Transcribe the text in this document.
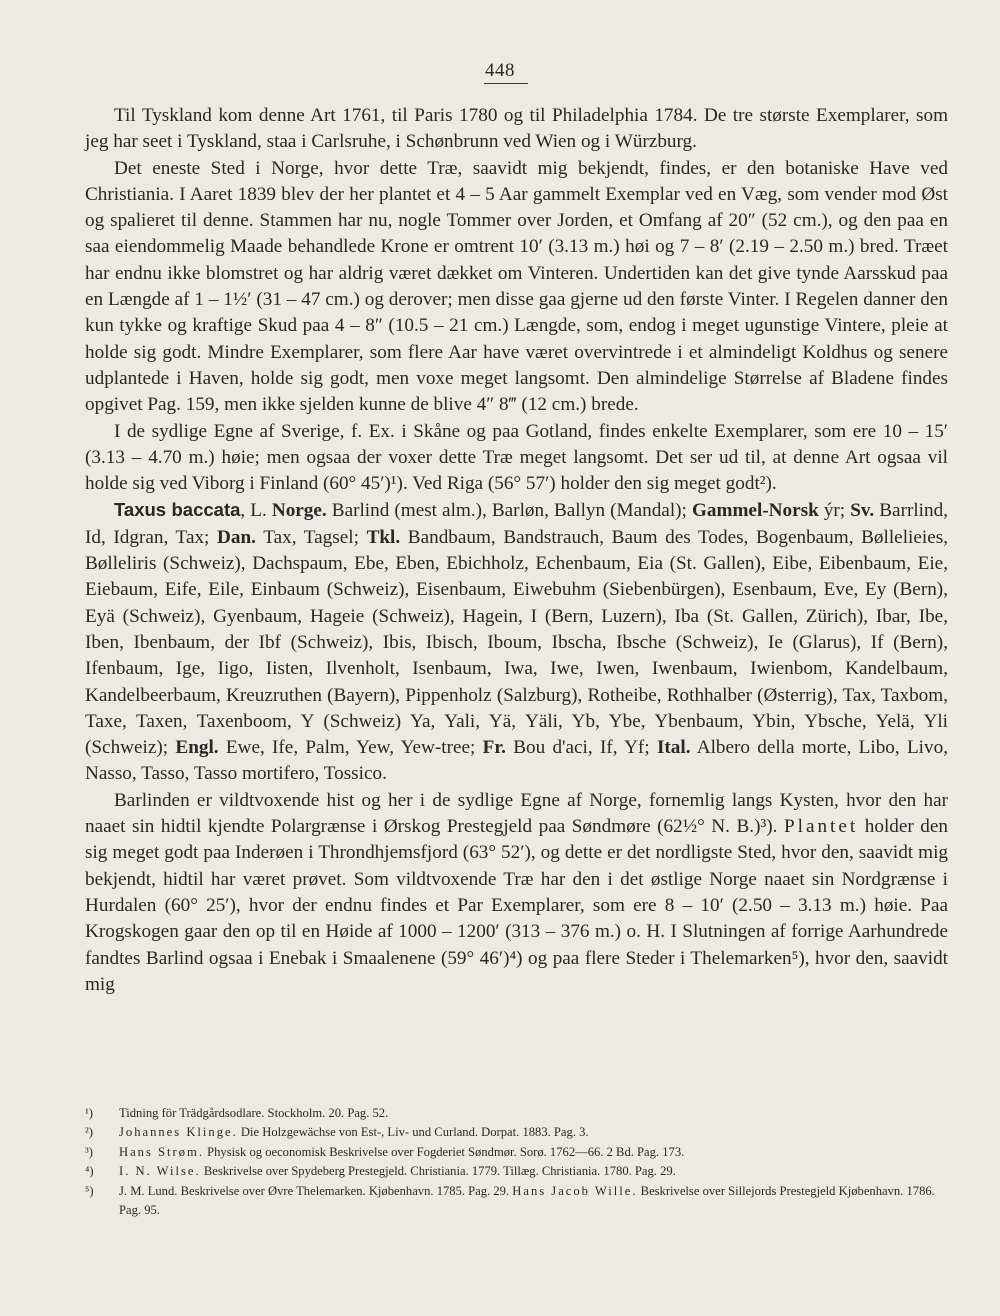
448

Til Tyskland kom denne Art 1761, til Paris 1780 og til Philadelphia 1784. De tre største Exemplarer, som jeg har seet i Tyskland, staa i Carlsruhe, i Schønbrunn ved Wien og i Würzburg.

Det eneste Sted i Norge, hvor dette Træ, saavidt mig bekjendt, findes, er den botaniske Have ved Christiania. I Aaret 1839 blev der her plantet et 4 – 5 Aar gammelt Exemplar ved en Væg, som vender mod Øst og spalieret til denne. Stammen har nu, nogle Tommer over Jorden, et Omfang af 20″ (52 cm.), og den paa en saa eiendommelig Maade behandlede Krone er omtrent 10′ (3.13 m.) høi og 7 – 8′ (2.19 – 2.50 m.) bred. Træet har endnu ikke blomstret og har aldrig været dækket om Vinteren. Undertiden kan det give tynde Aarsskud paa en Længde af 1 – 1½′ (31 – 47 cm.) og derover; men disse gaa gjerne ud den første Vinter. I Regelen danner den kun tykke og kraftige Skud paa 4 – 8″ (10.5 – 21 cm.) Længde, som, endog i meget ugunstige Vintere, pleie at holde sig godt. Mindre Exemplarer, som flere Aar have været overvintrede i et almindeligt Koldhus og senere udplantede i Haven, holde sig godt, men voxe meget langsomt. Den almindelige Størrelse af Bladene findes opgivet Pag. 159, men ikke sjelden kunne de blive 4″ 8‴ (12 cm.) brede.

I de sydlige Egne af Sverige, f. Ex. i Skåne og paa Gotland, findes enkelte Exemplarer, som ere 10 – 15′ (3.13 – 4.70 m.) høie; men ogsaa der voxer dette Træ meget langsomt. Det ser ud til, at denne Art ogsaa vil holde sig ved Viborg i Finland (60° 45′)¹). Ved Riga (56° 57′) holder den sig meget godt²).

Taxus baccata, L. Norge. Barlind (mest alm.), Barløn, Ballyn (Mandal); Gammel-Norsk ýr; Sv. Barrlind, Id, Idgran, Tax; Dan. Tax, Tagsel; Tkl. Bandbaum, Bandstrauch, Baum des Todes, Bogenbaum, Bøllelieies, Bølleliris (Schweiz), Dachspaum, Ebe, Eben, Ebichholz, Echenbaum, Eia (St. Gallen), Eibe, Eibenbaum, Eie, Eiebaum, Eife, Eile, Einbaum (Schweiz), Eisenbaum, Eiwebuhm (Siebenbürgen), Esenbaum, Eve, Ey (Bern), Eyä (Schweiz), Gyenbaum, Hageie (Schweiz), Hagein, I (Bern, Luzern), Iba (St. Gallen, Zürich), Ibar, Ibe, Iben, Ibenbaum, der Ibf (Schweiz), Ibis, Ibisch, Iboum, Ibscha, Ibsche (Schweiz), Ie (Glarus), If (Bern), Ifenbaum, Ige, Iigo, Iisten, Ilvenholt, Isenbaum, Iwa, Iwe, Iwen, Iwenbaum, Iwienbom, Kandelbaum, Kandelbeerbaum, Kreuzruthen (Bayern), Pippenholz (Salzburg), Rotheibe, Rothhalber (Østerrig), Tax, Taxbom, Taxe, Taxen, Taxenboom, Y (Schweiz) Ya, Yali, Yä, Yäli, Yb, Ybe, Ybenbaum, Ybin, Ybsche, Yelä, Yli (Schweiz); Engl. Ewe, Ife, Palm, Yew, Yew-tree; Fr. Bou d'aci, If, Yf; Ital. Albero della morte, Libo, Livo, Nasso, Tasso, Tasso mortifero, Tossico.

Barlinden er vildtvoxende hist og her i de sydlige Egne af Norge, fornemlig langs Kysten, hvor den har naaet sin hidtil kjendte Polargrænse i Ørskog Prestegjeld paa Søndmøre (62½° N. B.)³). Plantet holder den sig meget godt paa Inderøen i Throndhjemsfjord (63° 52′), og dette er det nordligste Sted, hvor den, saavidt mig bekjendt, hidtil har været prøvet. Som vildtvoxende Træ har den i det østlige Norge naaet sin Nordgrænse i Hurdalen (60° 25′), hvor der endnu findes et Par Exemplarer, som ere 8 – 10′ (2.50 – 3.13 m.) høie. Paa Krogskogen gaar den op til en Høide af 1000 – 1200′ (313 – 376 m.) o. H. I Slutningen af forrige Aarhundrede fandtes Barlind ogsaa i Enebak i Smaalenene (59° 46′)⁴) og paa flere Steder i Thelemarken⁵), hvor den, saavidt mig

¹)	Tidning för Trädgårdsodlare. Stockholm. 20. Pag. 52.
²)	Johannes Klinge. Die Holzgewächse von Est-, Liv- und Curland. Dorpat. 1883. Pag. 3.
³)	Hans Strøm. Physisk og oeconomisk Beskrivelse over Fogderiet Søndmør. Sorø. 1762—66. 2 Bd. Pag. 173.
⁴)	I. N. Wilse. Beskrivelse over Spydeberg Prestegjeld. Christiania. 1779. Tillæg. Christiania. 1780. Pag. 29.
⁵)	J. M. Lund. Beskrivelse over Øvre Thelemarken. Kjøbenhavn. 1785. Pag. 29. Hans Jacob Wille. Beskrivelse over Sillejords Prestegjeld Kjøbenhavn. 1786. Pag. 95.
